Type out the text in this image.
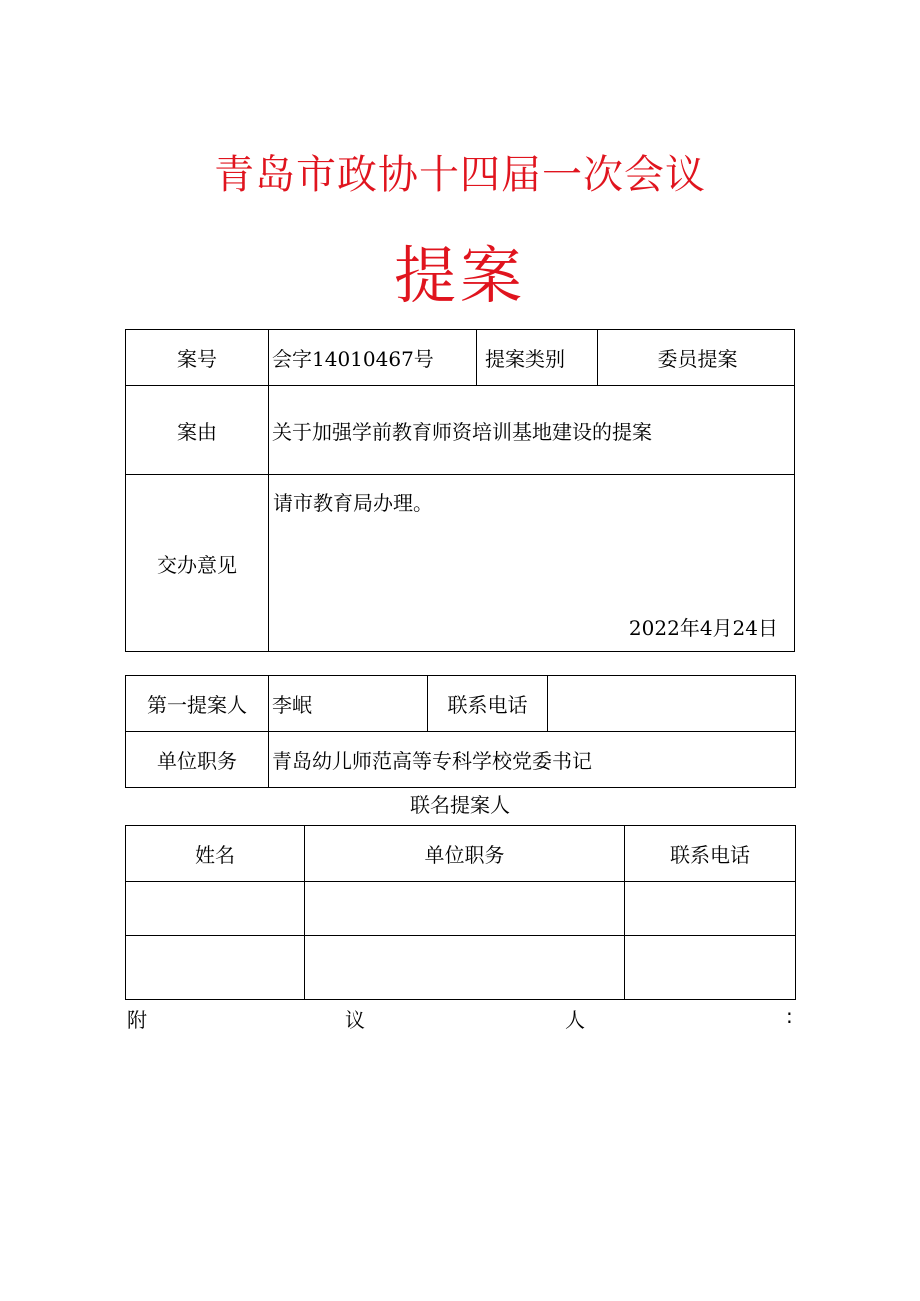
青岛市政协十四届一次会议
提案
案号	会字14010467号	提案类别	委员提案
案由	关于加强学前教育师资培训基地建设的提案		
交办意见	请市教育局办理。
2022年4月24日		
第一提案人	李岷	联系电话	
单位职务	青岛幼儿师范高等专科学校党委书记		
联名提案人
姓名	单位职务	联系电话

附	议	人	:
